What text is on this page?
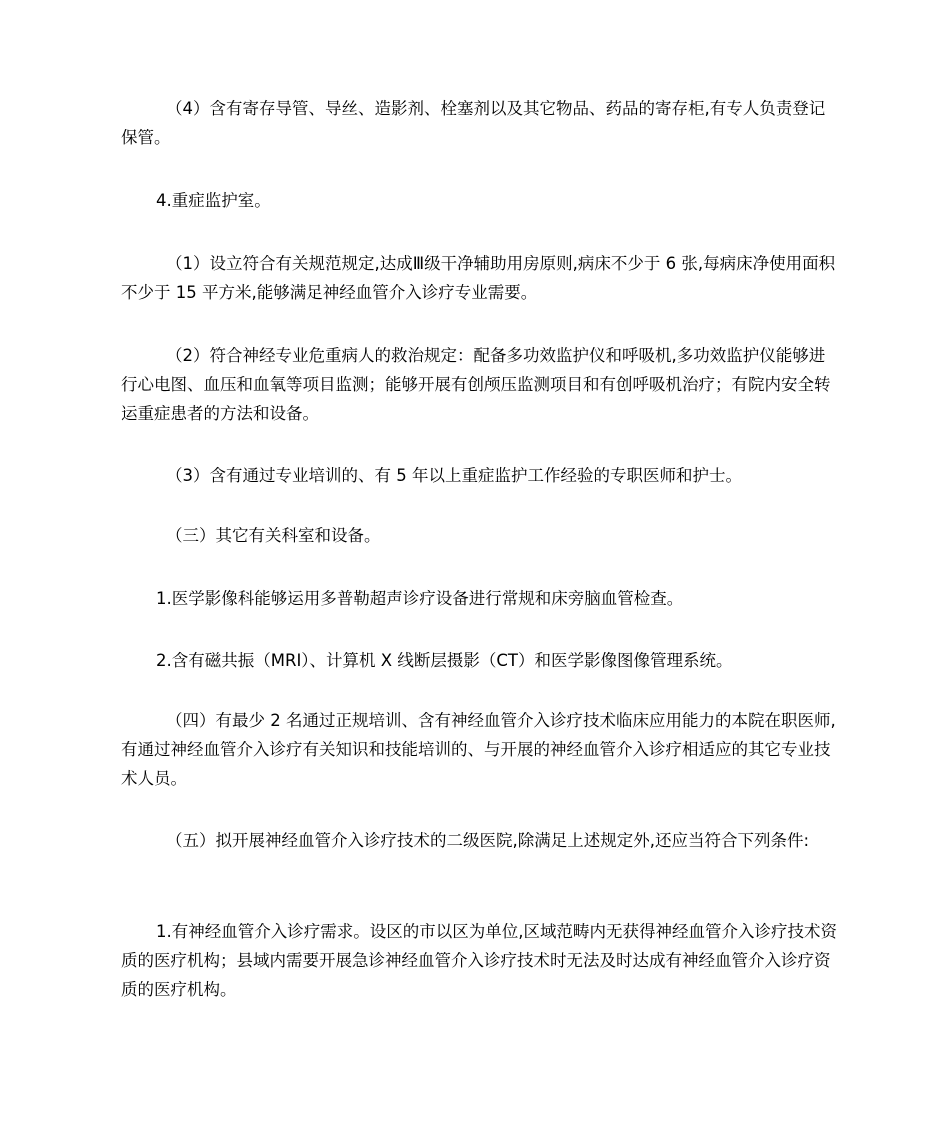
（4）含有寄存导管、导丝、造影剂、栓塞剂以及其它物品、药品的寄存柜,有专人负责登记保管。

4.重症监护室。

（1）设立符合有关规范规定,达成Ⅲ级干净辅助用房原则,病床不少于 6 张,每病床净使用面积不少于 15 平方米,能够满足神经血管介入诊疗专业需要。

（2）符合神经专业危重病人的救治规定：配备多功效监护仪和呼吸机,多功效监护仪能够进行心电图、血压和血氧等项目监测；能够开展有创颅压监测项目和有创呼吸机治疗；有院内安全转运重症患者的方法和设备。

（3）含有通过专业培训的、有 5 年以上重症监护工作经验的专职医师和护士。

（三）其它有关科室和设备。

1.医学影像科能够运用多普勒超声诊疗设备进行常规和床旁脑血管检查。

2.含有磁共振（MRI）、计算机 X 线断层摄影（CT）和医学影像图像管理系统。

（四）有最少 2 名通过正规培训、含有神经血管介入诊疗技术临床应用能力的本院在职医师,有通过神经血管介入诊疗有关知识和技能培训的、与开展的神经血管介入诊疗相适应的其它专业技术人员。

（五）拟开展神经血管介入诊疗技术的二级医院,除满足上述规定外,还应当符合下列条件:

1.有神经血管介入诊疗需求。设区的市以区为单位,区域范畴内无获得神经血管介入诊疗技术资质的医疗机构；县域内需要开展急诊神经血管介入诊疗技术时无法及时达成有神经血管介入诊疗资质的医疗机构。
